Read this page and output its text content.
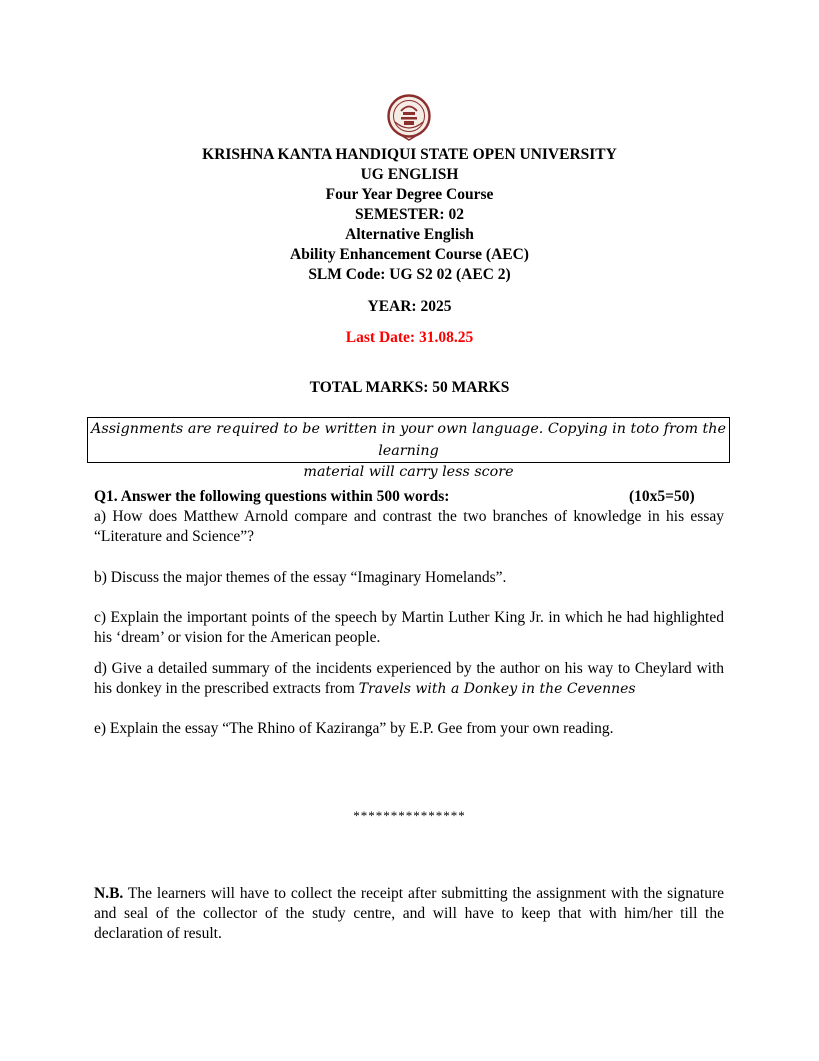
KRISHNA KANTA HANDIQUI STATE OPEN UNIVERSITY
UG ENGLISH
Four Year Degree Course
SEMESTER: 02
Alternative English
Ability Enhancement Course (AEC)
SLM Code: UG S2 02 (AEC 2)
YEAR: 2025
Last Date: 31.08.25
TOTAL MARKS: 50 MARKS
Assignments are required to be written in your own language. Copying in toto from the learning
material will carry less score
Q1. Answer the following questions within 500 words:	(10x5=50)
a) How does Matthew Arnold compare and contrast the two branches of knowledge in his essay “Literature and Science”?
b) Discuss the major themes of the essay “Imaginary Homelands”.
c) Explain the important points of the speech by Martin Luther King Jr. in which he had highlighted his ‘dream’ or vision for the American people.
d) Give a detailed summary of the incidents experienced by the author on his way to Cheylard with his donkey in the prescribed extracts from Travels with a Donkey in the Cevennes
e) Explain the essay “The Rhino of Kaziranga” by E.P. Gee from your own reading.
***************
N.B. The learners will have to collect the receipt after submitting the assignment with the signature and seal of the collector of the study centre, and will have to keep that with him/her till the declaration of result.
